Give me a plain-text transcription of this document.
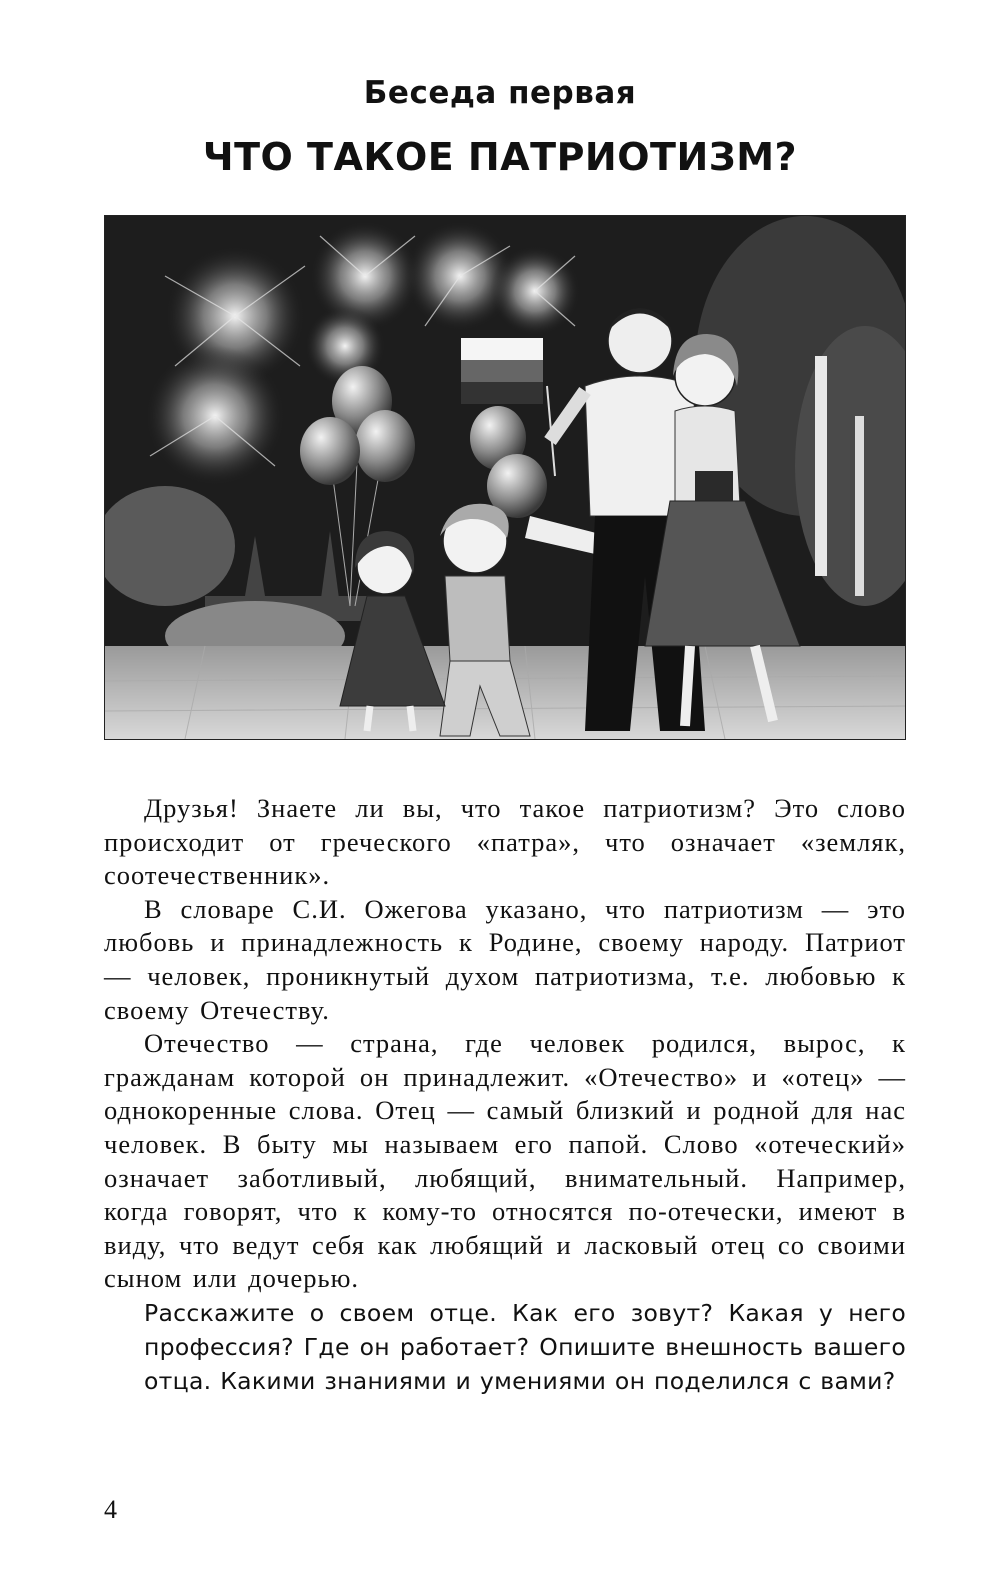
Беседа первая
ЧТО ТАКОЕ ПАТРИОТИЗМ?

Друзья! Знаете ли вы, что такое патриотизм? Это слово происходит от греческого «патра», что означает «земляк, соотечественник».

В словаре С.И. Ожегова указано, что патриотизм — это любовь и принадлежность к Родине, своему народу. Патриот — человек, проникнутый духом патриотизма, т.е. любовью к своему Отечеству.

Отечество — страна, где человек родился, вырос, к гражданам которой он принадлежит. «Отечество» и «отец» — однокоренные слова. Отец — самый близкий и родной для нас человек. В быту мы называем его папой. Слово «отеческий» означает заботливый, любящий, внимательный. Например, когда говорят, что к кому-то относятся по-отечески, имеют в виду, что ведут себя как любящий и ласковый отец со своими сыном или дочерью.

Расскажите о своем отце. Как его зовут? Какая у него профессия? Где он работает? Опишите внешность вашего отца. Какими знаниями и умениями он поделился с вами?

4
